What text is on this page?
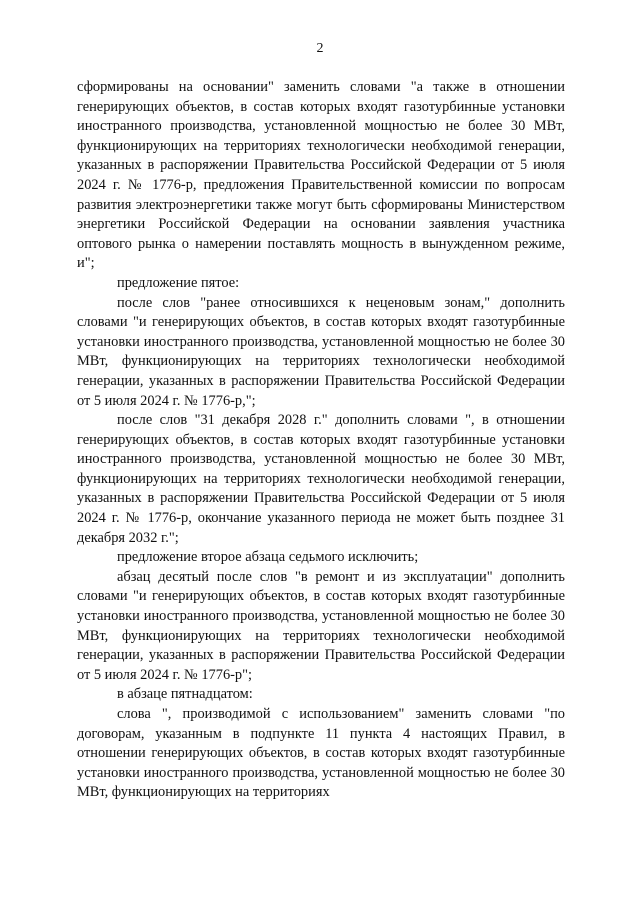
2

сформированы на основании" заменить словами "а также в отношении генерирующих объектов, в состав которых входят газотурбинные установки иностранного производства, установленной мощностью не более 30 МВт, функционирующих на территориях технологически необходимой генерации, указанных в распоряжении Правительства Российской Федерации от 5 июля 2024 г. № 1776-р, предложения Правительственной комиссии по вопросам развития электроэнергетики также могут быть сформированы Министерством энергетики Российской Федерации на основании заявления участника оптового рынка о намерении поставлять мощность в вынужденном режиме, и";

предложение пятое:

после слов "ранее относившихся к неценовым зонам," дополнить словами "и генерирующих объектов, в состав которых входят газотурбинные установки иностранного производства, установленной мощностью не более 30 МВт, функционирующих на территориях технологически необходимой генерации, указанных в распоряжении Правительства Российской Федерации от 5 июля 2024 г. № 1776-р,";

после слов "31 декабря 2028 г." дополнить словами ", в отношении генерирующих объектов, в состав которых входят газотурбинные установки иностранного производства, установленной мощностью не более 30 МВт, функционирующих на территориях технологически необходимой генерации, указанных в распоряжении Правительства Российской Федерации от 5 июля 2024 г. № 1776-р, окончание указанного периода не может быть позднее 31 декабря 2032 г.";

предложение второе абзаца седьмого исключить;

абзац десятый после слов "в ремонт и из эксплуатации" дополнить словами "и генерирующих объектов, в состав которых входят газотурбинные установки иностранного производства, установленной мощностью не более 30 МВт, функционирующих на территориях технологически необходимой генерации, указанных в распоряжении Правительства Российской Федерации от 5 июля 2024 г. № 1776-р";

в абзаце пятнадцатом:

слова ", производимой с использованием" заменить словами "по договорам, указанным в подпункте 11 пункта 4 настоящих Правил, в отношении генерирующих объектов, в состав которых входят газотурбинные установки иностранного производства, установленной мощностью не более 30 МВт, функционирующих на территориях
